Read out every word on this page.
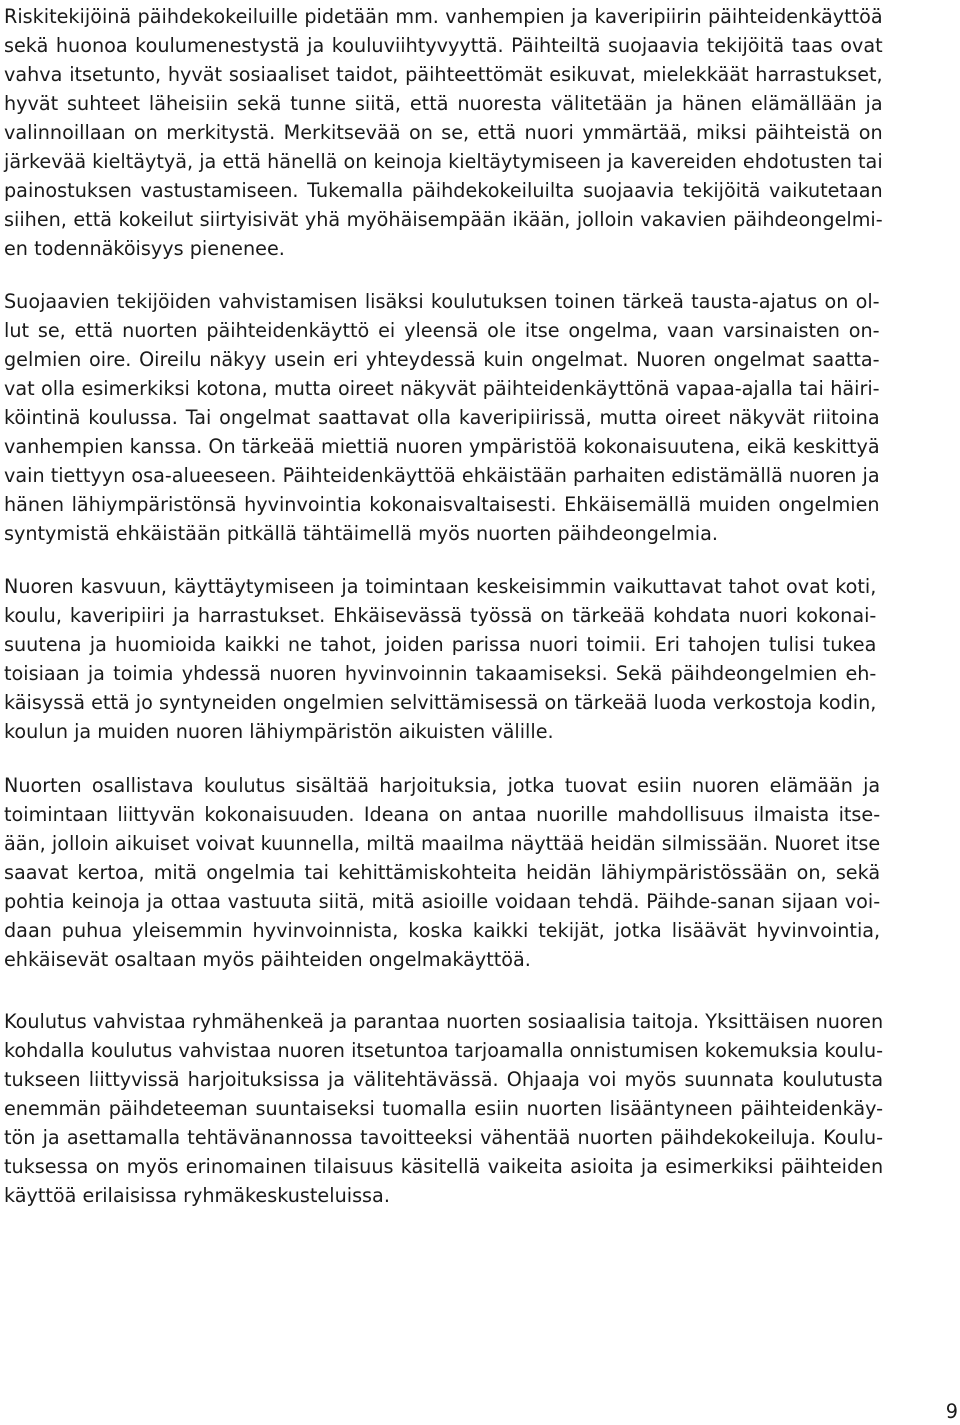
Riskitekijöinä päihdekokeiluille pidetään mm. vanhempien ja kaveripiirin päihteidenkäyttöä
sekä huonoa koulumenestystä ja kouluviihtyvyyttä. Päihteiltä suojaavia tekijöitä taas ovat
vahva itsetunto, hyvät sosiaaliset taidot, päihteettömät esikuvat, mielekkäät harrastukset,
hyvät suhteet läheisiin sekä tunne siitä, että nuoresta välitetään ja hänen elämällään ja
valinnoillaan on merkitystä. Merkitsevää on se, että nuori ymmärtää, miksi päihteistä on
järkevää kieltäytyä, ja että hänellä on keinoja kieltäytymiseen ja kavereiden ehdotusten tai
painostuksen vastustamiseen. Tukemalla päihdekokeiluilta suojaavia tekijöitä vaikutetaan
siihen, että kokeilut siirtyisivät yhä myöhäisempään ikään, jolloin vakavien päihdeongelmi-
en todennäköisyys pienenee.

Suojaavien tekijöiden vahvistamisen lisäksi koulutuksen toinen tärkeä tausta-ajatus on ol-
lut se, että nuorten päihteidenkäyttö ei yleensä ole itse ongelma, vaan varsinaisten on-
gelmien oire. Oireilu näkyy usein eri yhteydessä kuin ongelmat. Nuoren ongelmat saatta-
vat olla esimerkiksi kotona, mutta oireet näkyvät päihteidenkäyttönä vapaa-ajalla tai häiri-
köintinä koulussa. Tai ongelmat saattavat olla kaveripiirissä, mutta oireet näkyvät riitoina
vanhempien kanssa. On tärkeää miettiä nuoren ympäristöä kokonaisuutena, eikä keskittyä
vain tiettyyn osa-alueeseen. Päihteidenkäyttöä ehkäistään parhaiten edistämällä nuoren ja
hänen lähiympäristönsä hyvinvointia kokonaisvaltaisesti. Ehkäisemällä muiden ongelmien
syntymistä ehkäistään pitkällä tähtäimellä myös nuorten päihdeongelmia.

Nuoren kasvuun, käyttäytymiseen ja toimintaan keskeisimmin vaikuttavat tahot ovat koti,
koulu, kaveripiiri ja harrastukset. Ehkäisevässä työssä on tärkeää kohdata nuori kokonai-
suutena ja huomioida kaikki ne tahot, joiden parissa nuori toimii. Eri tahojen tulisi tukea
toisiaan ja toimia yhdessä nuoren hyvinvoinnin takaamiseksi. Sekä päihdeongelmien eh-
käisyssä että jo syntyneiden ongelmien selvittämisessä on tärkeää luoda verkostoja kodin,
koulun ja muiden nuoren lähiympäristön aikuisten välille.

Nuorten osallistava koulutus sisältää harjoituksia, jotka tuovat esiin nuoren elämään ja
toimintaan liittyvän kokonaisuuden. Ideana on antaa nuorille mahdollisuus ilmaista itse-
ään, jolloin aikuiset voivat kuunnella, miltä maailma näyttää heidän silmissään. Nuoret itse
saavat kertoa, mitä ongelmia tai kehittämiskohteita heidän lähiympäristössään on, sekä
pohtia keinoja ja ottaa vastuuta siitä, mitä asioille voidaan tehdä. Päihde-sanan sijaan voi-
daan puhua yleisemmin hyvinvoinnista, koska kaikki tekijät, jotka lisäävät hyvinvointia,
ehkäisevät osaltaan myös päihteiden ongelmakäyttöä.

Koulutus vahvistaa ryhmähenkeä ja parantaa nuorten sosiaalisia taitoja. Yksittäisen nuoren
kohdalla koulutus vahvistaa nuoren itsetuntoa tarjoamalla onnistumisen kokemuksia koulu-
tukseen liittyvissä harjoituksissa ja välitehtävässä. Ohjaaja voi myös suunnata koulutusta
enemmän päihdeteeman suuntaiseksi tuomalla esiin nuorten lisääntyneen päihteidenkäy-
tön ja asettamalla tehtävänannossa tavoitteeksi vähentää nuorten päihdekokeiluja. Koulu-
tuksessa on myös erinomainen tilaisuus käsitellä vaikeita asioita ja esimerkiksi päihteiden
käyttöä erilaisissa ryhmäkeskusteluissa.

9
